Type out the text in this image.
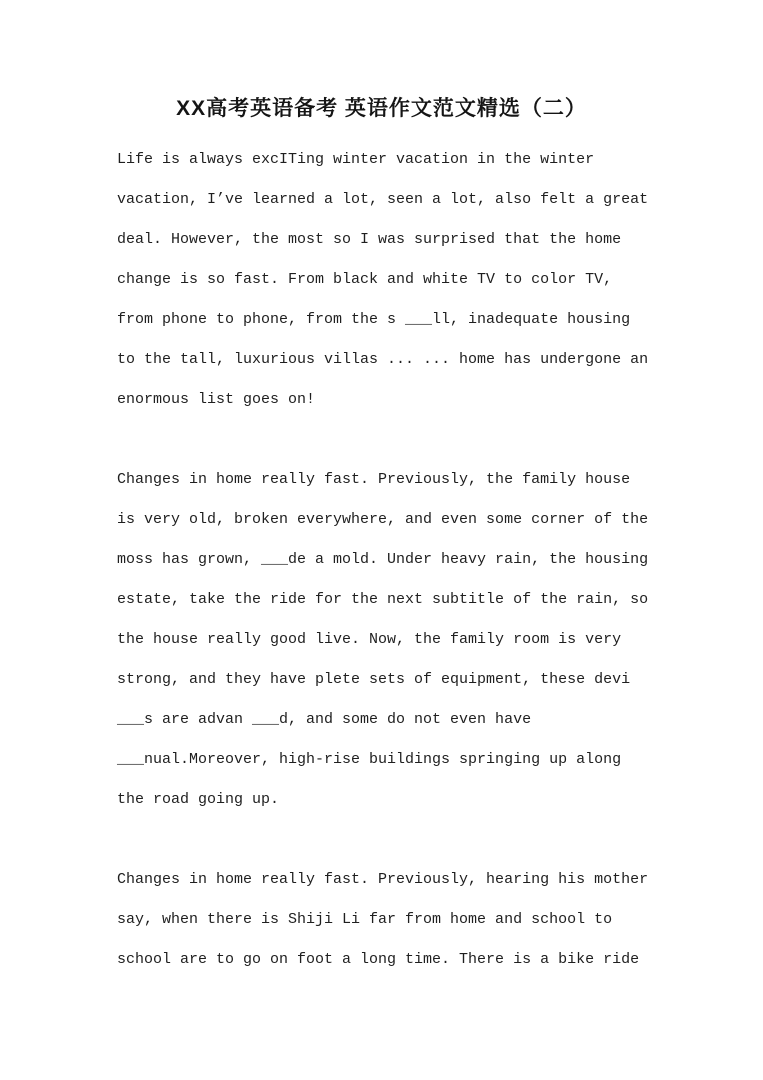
XX高考英语备考 英语作文范文精选（二）
Life is always excITing winter vacation in the winter
vacation, I’ve learned a lot, seen a lot, also felt a great
deal. However, the most so I was surprised that the home
change is so fast. From black and white TV to color TV,
from phone to phone, from the s ___ll, inadequate housing
to the tall, luxurious villas ... ... home has undergone an
enormous list goes on!
Changes in home really fast. Previously, the family house
is very old, broken everywhere, and even some corner of the
moss has grown, ___de a mold. Under heavy rain, the housing
estate, take the ride for the next subtitle of the rain, so
the house really good live. Now, the family room is very
strong, and they have plete sets of equipment, these devi
___s are advan ___d, and some do not even have
___nual.Moreover, high-rise buildings springing up along
the road going up.
Changes in home really fast. Previously, hearing his mother
say, when there is Shiji Li far from home and school to
school are to go on foot a long time. There is a bike ride
